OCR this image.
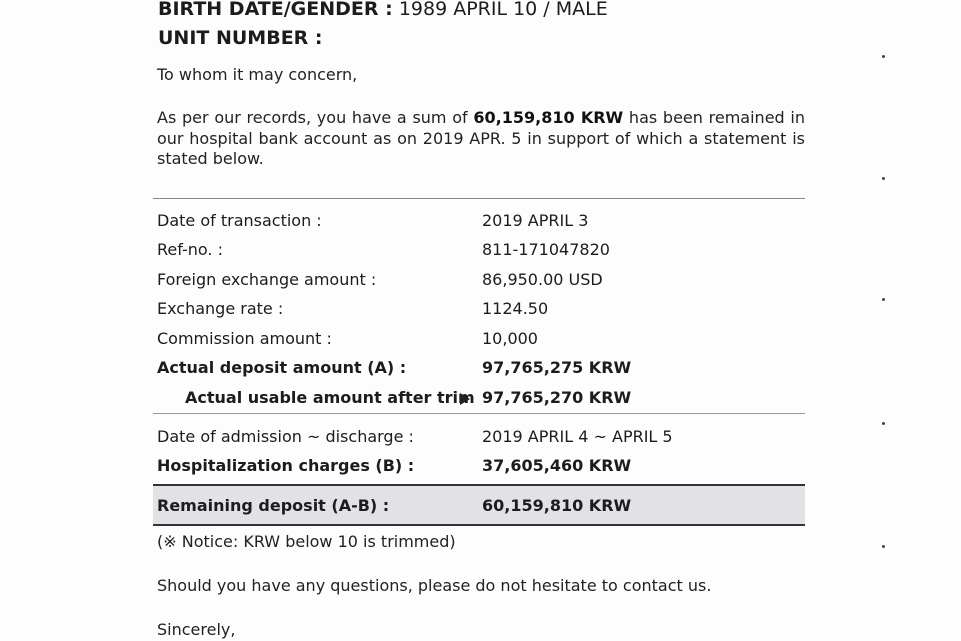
BIRTH DATE/GENDER : 1989 APRIL 10 / MALE
UNIT NUMBER :
To whom it may concern,
As per our records, you have a sum of 60,159,810 KRW has been remained in our hospital bank account as on 2019 APR. 5 in support of which a statement is stated below.
Date of transaction :	2019 APRIL 3
Ref-no. :	811-171047820
Foreign exchange amount :	86,950.00 USD
Exchange rate :	1124.50
Commission amount :	10,000
Actual deposit amount (A) :	97,765,275 KRW
Actual usable amount after trim 97,765,270 KRW
Date of admission ~ discharge :	2019 APRIL 4 ~ APRIL 5
Hospitalization charges (B) :	37,605,460 KRW
Remaining deposit (A-B) :	60,159,810 KRW
(※ Notice: KRW below 10 is trimmed)
Should you have any questions, please do not hesitate to contact us.
Sincerely,
